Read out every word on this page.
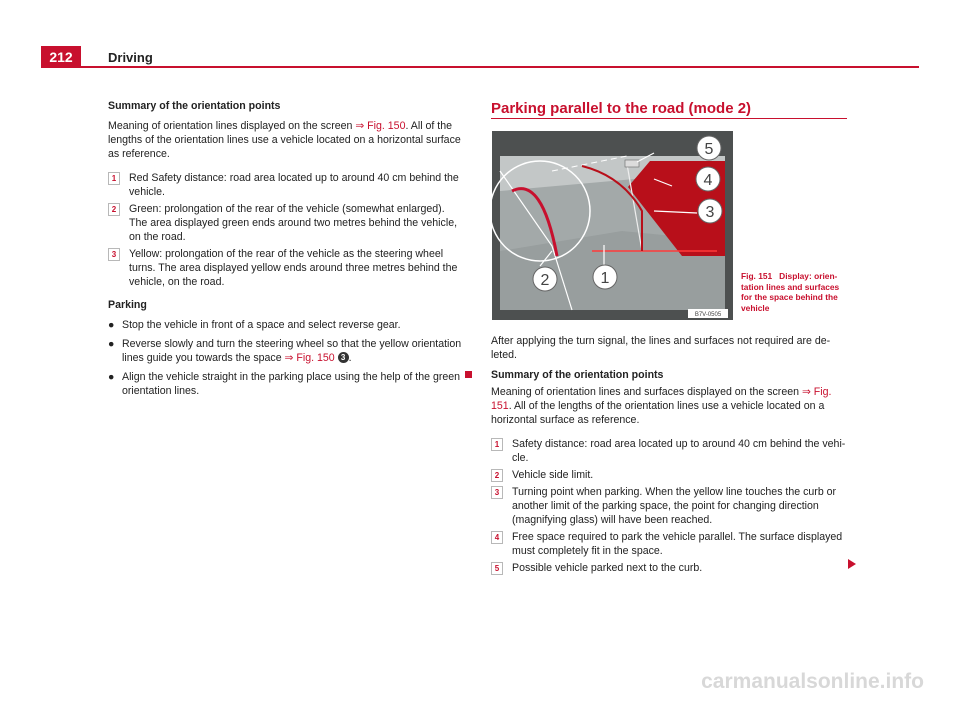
212	Driving

Summary of the orientation points

Meaning of orientation lines displayed on the screen ⇒ Fig. 150. All of the lengths of the orientation lines use a vehicle located on a horizontal surface as reference.

1	Red Safety distance: road area located up to around 40 cm behind the vehicle.
2	Green: prolongation of the rear of the vehicle (somewhat enlarged). The area displayed green ends around two metres behind the vehicle, on the road.
3	Yellow: prolongation of the rear of the vehicle as the steering wheel turns. The area displayed yellow ends around three metres behind the vehicle, on the road.

Parking

● Stop the vehicle in front of a space and select reverse gear.
● Reverse slowly and turn the steering wheel so that the yellow orientation lines guide you towards the space ⇒ Fig. 150 3 .
● Align the vehicle straight in the parking place using the help of the green orientation lines.
Parking parallel to the road (mode 2)
5
4
3
2	1
B7V-0505
Fig. 151 Display: orien-tation lines and surfaces for the space behind the vehicle

After applying the turn signal, the lines and surfaces not required are de-leted.

Summary of the orientation points

Meaning of orientation lines and surfaces displayed on the screen ⇒ Fig. 151. All of the lengths of the orientation lines use a vehicle located on a horizontal surface as reference.

1	Safety distance: road area located up to around 40 cm behind the vehi-cle.
2	Vehicle side limit.
3	Turning point when parking. When the yellow line touches the curb or another limit of the parking space, the point for changing direction (magnifying glass) will have been reached.
4	Free space required to park the vehicle parallel. The surface displayed must completely fit in the space.
5	Possible vehicle parked next to the curb.
carmanualsonline.info
